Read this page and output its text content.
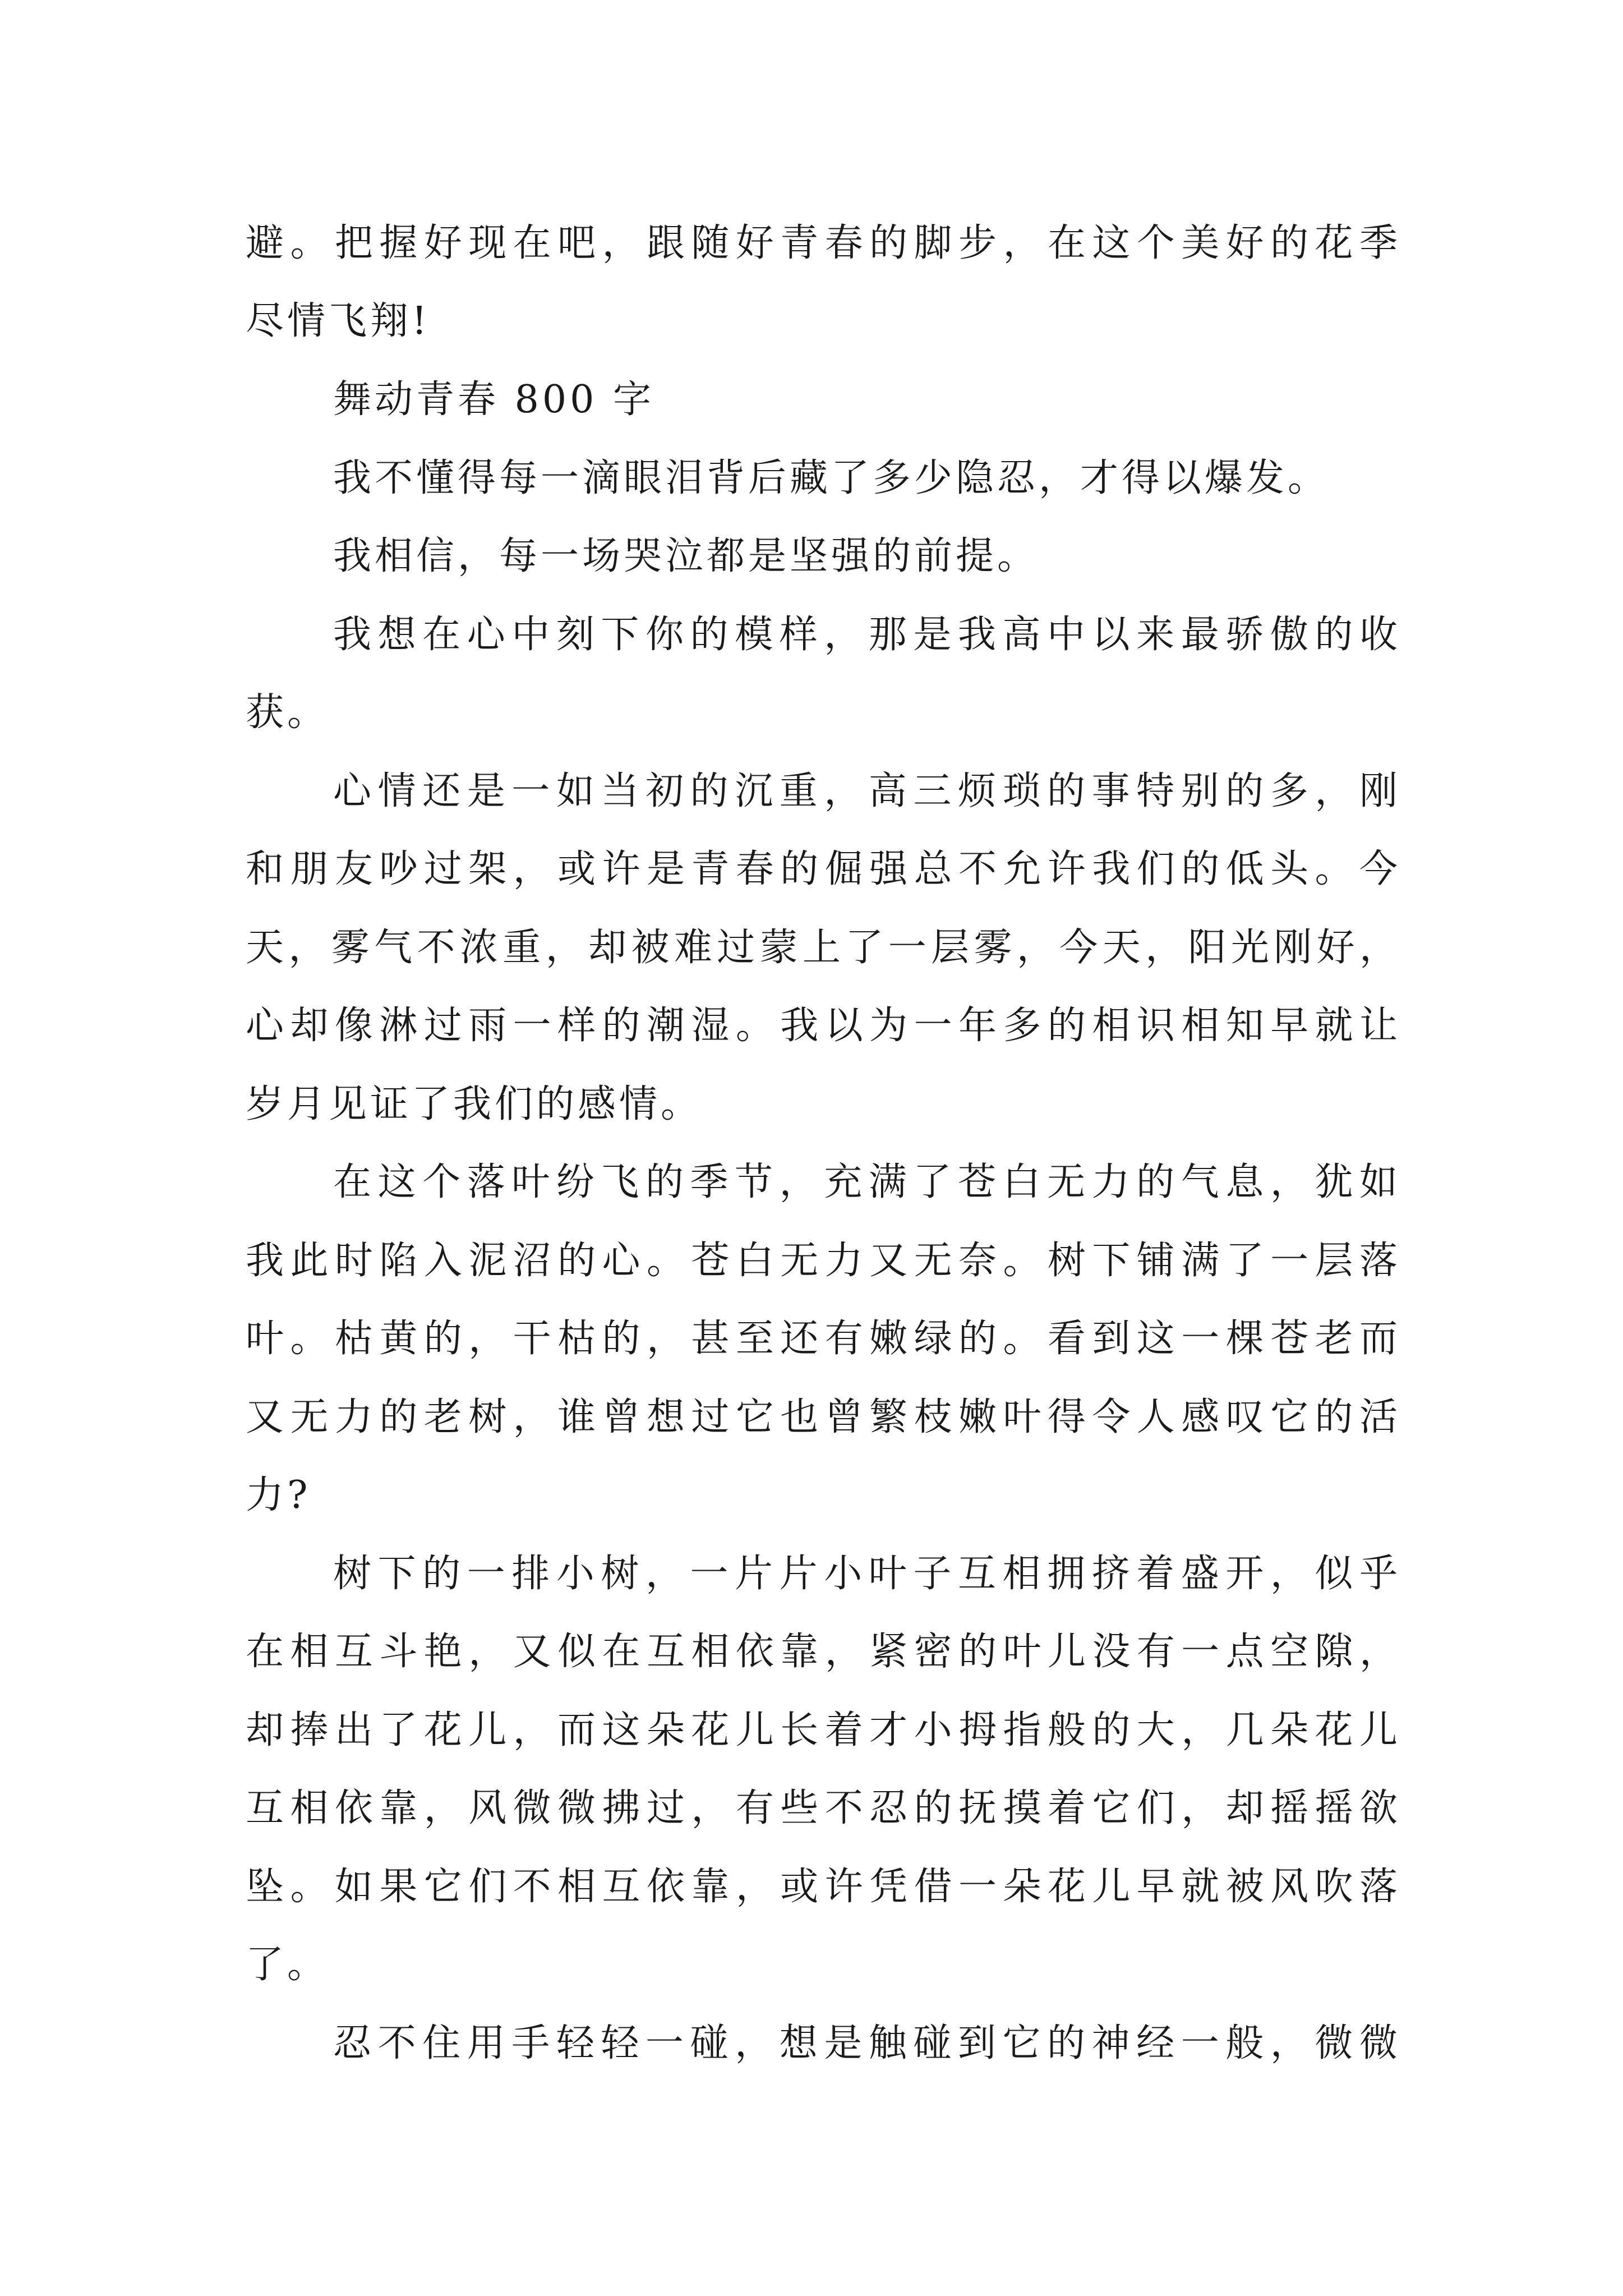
避。把握好现在吧，跟随好青春的脚步，在这个美好的花季
尽情飞翔!
舞动青春 800 字
我不懂得每一滴眼泪背后藏了多少隐忍，才得以爆发。
我相信，每一场哭泣都是坚强的前提。
我想在心中刻下你的模样，那是我高中以来最骄傲的收
获。
心情还是一如当初的沉重，高三烦琐的事特别的多，刚
和朋友吵过架，或许是青春的倔强总不允许我们的低头。今
天，雾气不浓重，却被难过蒙上了一层雾，今天，阳光刚好，
心却像淋过雨一样的潮湿。我以为一年多的相识相知早就让
岁月见证了我们的感情。
在这个落叶纷飞的季节，充满了苍白无力的气息，犹如
我此时陷入泥沼的心。苍白无力又无奈。树下铺满了一层落
叶。枯黄的，干枯的，甚至还有嫩绿的。看到这一棵苍老而
又无力的老树，谁曾想过它也曾繁枝嫩叶得令人感叹它的活
力?
树下的一排小树，一片片小叶子互相拥挤着盛开，似乎
在相互斗艳，又似在互相依靠，紧密的叶儿没有一点空隙，
却捧出了花儿，而这朵花儿长着才小拇指般的大，几朵花儿
互相依靠，风微微拂过，有些不忍的抚摸着它们，却摇摇欲
坠。如果它们不相互依靠，或许凭借一朵花儿早就被风吹落
了。
忍不住用手轻轻一碰，想是触碰到它的神经一般，微微
